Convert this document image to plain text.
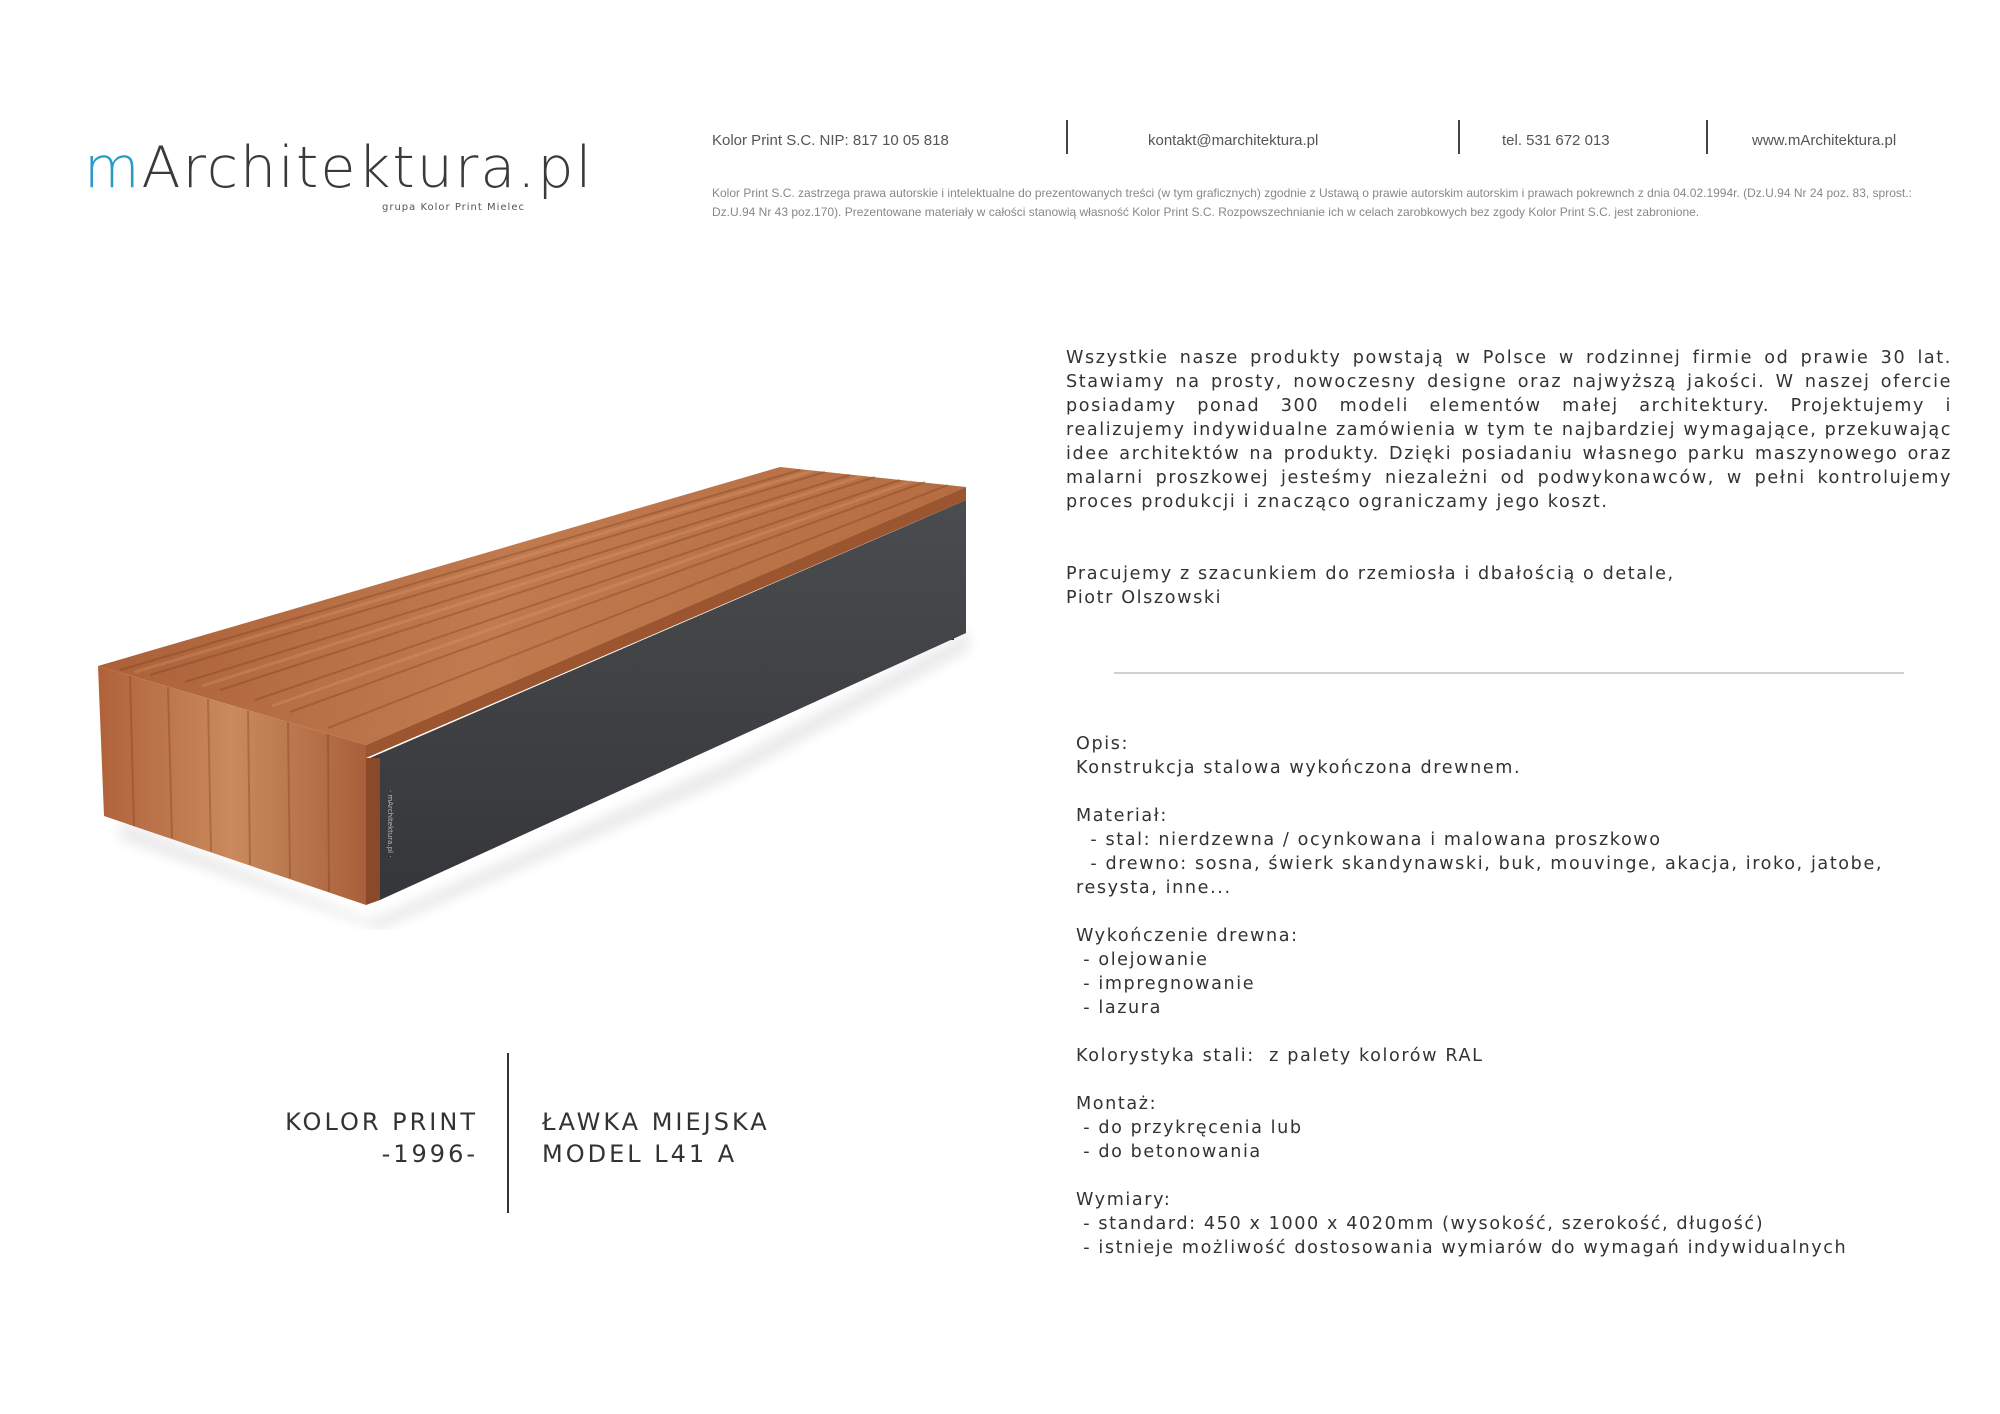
mArchitektura.pl
grupa Kolor Print Mielec
Kolor Print S.C. NIP: 817 10 05 818	kontakt@marchitektura.pl	tel. 531 672 013	www.mArchitektura.pl
Kolor Print S.C. zastrzega prawa autorskie i intelektualne do prezentowanych treści (w tym graficznych) zgodnie z Ustawą o prawie autorskim autorskim i prawach pokrewnch z dnia 04.02.1994r. (Dz.U.94 Nr 24 poz. 83, sprost.: Dz.U.94 Nr 43 poz.170). Prezentowane materiały w całości stanowią własność Kolor Print S.C. Rozpowszechnianie ich w celach zarobkowych bez zgody Kolor Print S.C. jest zabronione.
· mArchitektura.pl ·

Wszystkie nasze produkty powstają w Polsce w rodzinnej firmie od prawie 30 lat. Stawiamy na prosty, nowoczesny designe oraz najwyższą jakości. W naszej ofercie posiadamy ponad 300 modeli elementów małej architektury. Projektujemy i realizujemy indywidualne zamówienia w tym te najbardziej wymagające, przekuwając idee architektów na produkty. Dzięki posiadaniu własnego parku maszynowego oraz malarni proszkowej jesteśmy niezależni od podwykonawców, w pełni kontrolujemy proces produkcji i znacząco ograniczamy jego koszt.

Pracujemy z szacunkiem do rzemiosła i dbałością o detale,
Piotr Olszowski
Opis:
Konstrukcja stalowa wykończona drewnem.
Materiał:
- stal: nierdzewna / ocynkowana i malowana proszkowo
- drewno: sosna, świerk skandynawski, buk, mouvinge, akacja, iroko, jatobe,
resysta, inne...
Wykończenie drewna:
- olejowanie
- impregnowanie
- lazura
Kolorystyka stali:  z palety kolorów RAL
Montaż:
- do przykręcenia lub
- do betonowania
Wymiary:
- standard: 450 x 1000 x 4020mm (wysokość, szerokość, długość)
- istnieje możliwość dostosowania wymiarów do wymagań indywidualnych
KOLOR PRINT
-1996-
ŁAWKA MIEJSKA
MODEL L41 A
